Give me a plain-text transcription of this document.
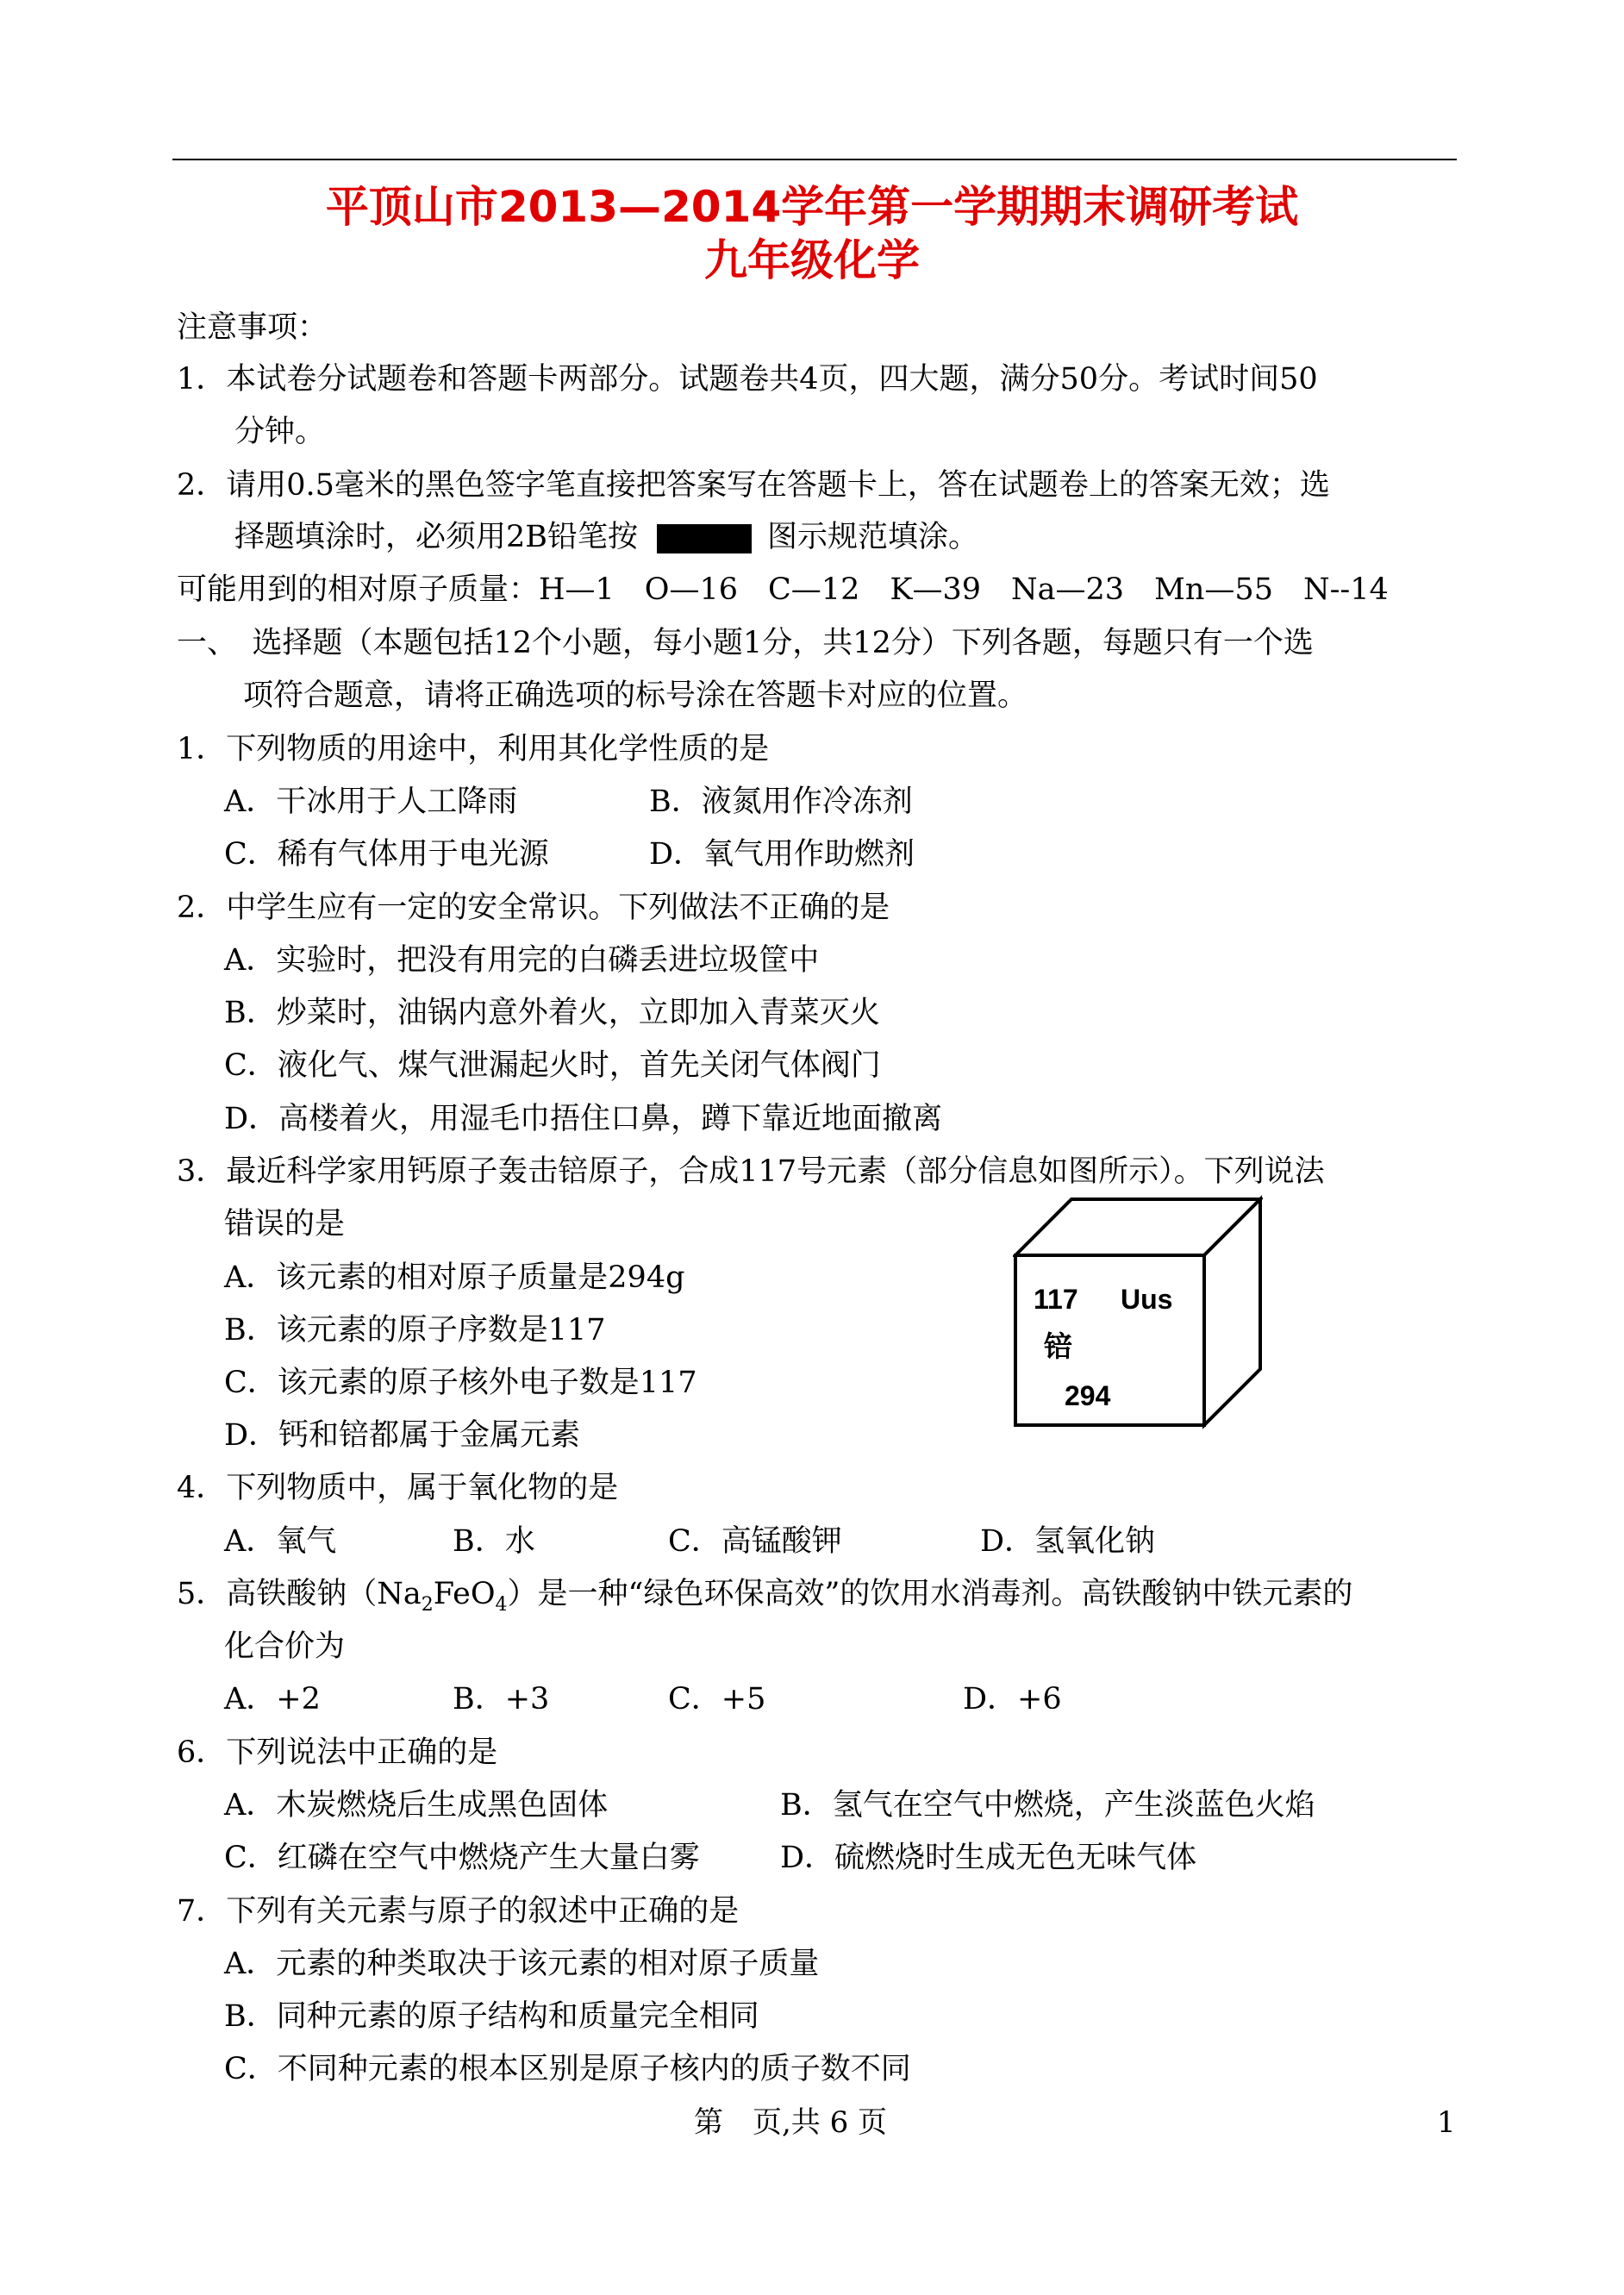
平顶山市2013—2014学年第一学期期末调研考试
九年级化学
注意事项：
1．本试卷分试题卷和答题卡两部分。试题卷共4页，四大题，满分50分。考试时间50
分钟。
2．请用0.5毫米的黑色签字笔直接把答案写在答题卡上，答在试题卷上的答案无效；选
择题填涂时，必须用2B铅笔按	图示规范填涂。
可能用到的相对原子质量：H—1　O—16　C—12　K—39　Na—23　Mn—55　N--14
一、　选择题（本题包括12个小题，每小题1分，共12分）下列各题，每题只有一个选
项符合题意，请将正确选项的标号涂在答题卡对应的位置。
1．下列物质的用途中，利用其化学性质的是
A．干冰用于人工降雨	B．液氮用作冷冻剂
C．稀有气体用于电光源	D．氧气用作助燃剂
2．中学生应有一定的安全常识。下列做法不正确的是
A．实验时，把没有用完的白磷丢进垃圾筐中
B．炒菜时，油锅内意外着火，立即加入青菜灭火
C．液化气、煤气泄漏起火时，首先关闭气体阀门
D．高楼着火，用湿毛巾捂住口鼻，蹲下靠近地面撤离
3．最近科学家用钙原子轰击锫原子，合成117号元素（部分信息如图所示）。下列说法
错误的是
A．该元素的相对原子质量是294g
B．该元素的原子序数是117
C．该元素的原子核外电子数是117
D．钙和锫都属于金属元素
117 Uus
锫
294
4．下列物质中，属于氧化物的是
A．氧气	B．水	C．高锰酸钾	D．氢氧化钠
5．高铁酸钠$(Na_2FeO_4)$是一种“绿色环保高效”的饮用水消毒剂。高铁酸钠中铁元素的
化合价为
A．+2	B．+3	C．+5	D．+6
6．下列说法中正确的是
A．木炭燃烧后生成黑色固体	B．氢气在空气中燃烧，产生淡蓝色火焰
C．红磷在空气中燃烧产生大量白雾	D．硫燃烧时生成无色无味气体
7．下列有关元素与原子的叙述中正确的是
A．元素的种类取决于该元素的相对原子质量
B．同种元素的原子结构和质量完全相同
C．不同种元素的根本区别是原子核内的质子数不同
第　页,共 6 页	1
